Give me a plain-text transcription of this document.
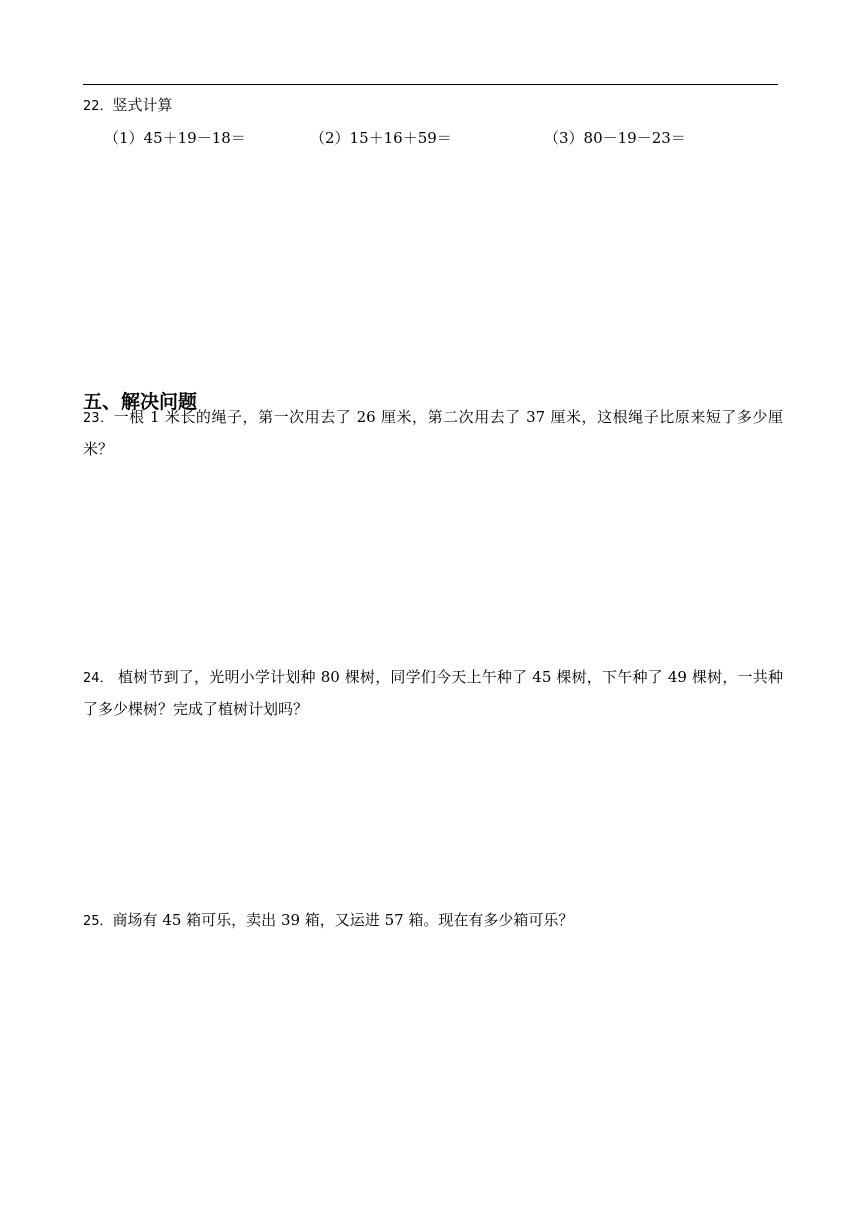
22．竖式计算
（1）45＋19－18＝	（2）15＋16＋59＝	（3）80－19－23＝
五、解决问题
23．一根 1 米长的绳子，第一次用去了 26 厘米，第二次用去了 37 厘米，这根绳子比原来短了多少厘米？
24． 植树节到了，光明小学计划种 80 棵树，同学们今天上午种了 45 棵树，下午种了 49 棵树，一共种了多少棵树？完成了植树计划吗？
25．商场有 45 箱可乐，卖出 39 箱，又运进 57 箱。现在有多少箱可乐？
